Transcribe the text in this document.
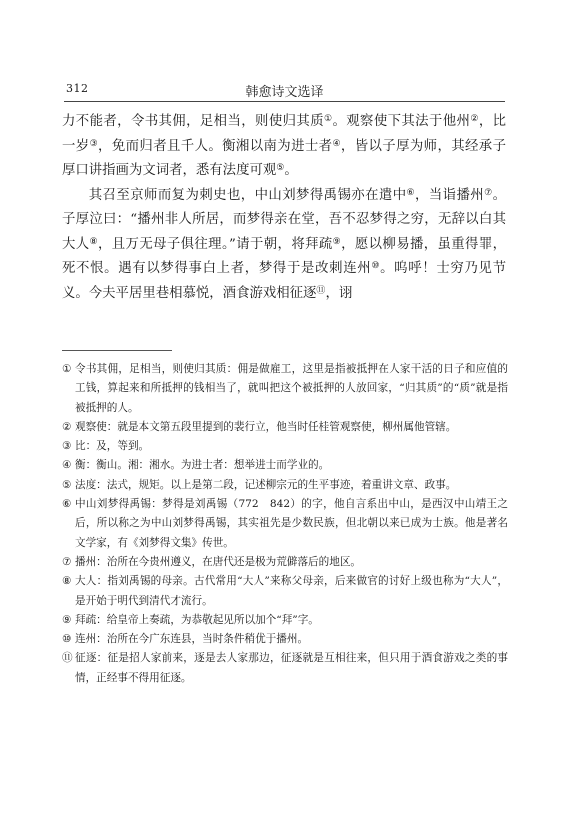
312	韩愈诗文选译

力不能者，令书其佣，足相当，则使归其质①。观察使下其法于他州②，比一岁③，免而归者且千人。衡湘以南为进士者④，皆以子厚为师，其经承子厚口讲指画为文词者，悉有法度可观⑤。

其召至京师而复为刺史也，中山刘梦得禹锡亦在遣中⑥，当诣播州⑦。子厚泣曰：“播州非人所居，而梦得亲在堂，吾不忍梦得之穷，无辞以白其大人⑧，且万无母子俱往理。”请于朝，将拜疏⑨，愿以柳易播，虽重得罪，死不恨。遇有以梦得事白上者，梦得于是改刺连州⑩。呜呼！士穷乃见节义。今夫平居里巷相慕悦，酒食游戏相征逐⑪，诩

① 令书其佣，足相当，则使归其质：佣是做雇工，这里是指被抵押在人家干活的日子和应值的工钱，算起来和所抵押的钱相当了，就叫把这个被抵押的人放回家，“归其质”的“质”就是指被抵押的人。
② 观察使：就是本文第五段里提到的裴行立，他当时任桂管观察使，柳州属他管辖。
③ 比：及，等到。
④ 衡：衡山。湘：湘水。为进士者：想举进士而学业的。
⑤ 法度：法式，规矩。以上是第二段，记述柳宗元的生平事迹，着重讲文章、政事。
⑥ 中山刘梦得禹锡：梦得是刘禹锡（772　842）的字，他自言系出中山，是西汉中山靖王之后，所以称之为中山刘梦得禹锡，其实祖先是少数民族，但北朝以来已成为士族。他是著名文学家，有《刘梦得文集》传世。
⑦ 播州：治所在今贵州遵义，在唐代还是极为荒僻落后的地区。
⑧ 大人：指刘禹锡的母亲。古代常用“大人”来称父母亲，后来做官的讨好上级也称为“大人”，是开始于明代到清代才流行。
⑨ 拜疏：给皇帝上奏疏，为恭敬起见所以加个“拜”字。
⑩ 连州：治所在今广东连县，当时条件稍优于播州。
⑪ 征逐：征是招人家前来，逐是去人家那边，征逐就是互相往来，但只用于酒食游戏之类的事情，正经事不得用征逐。
